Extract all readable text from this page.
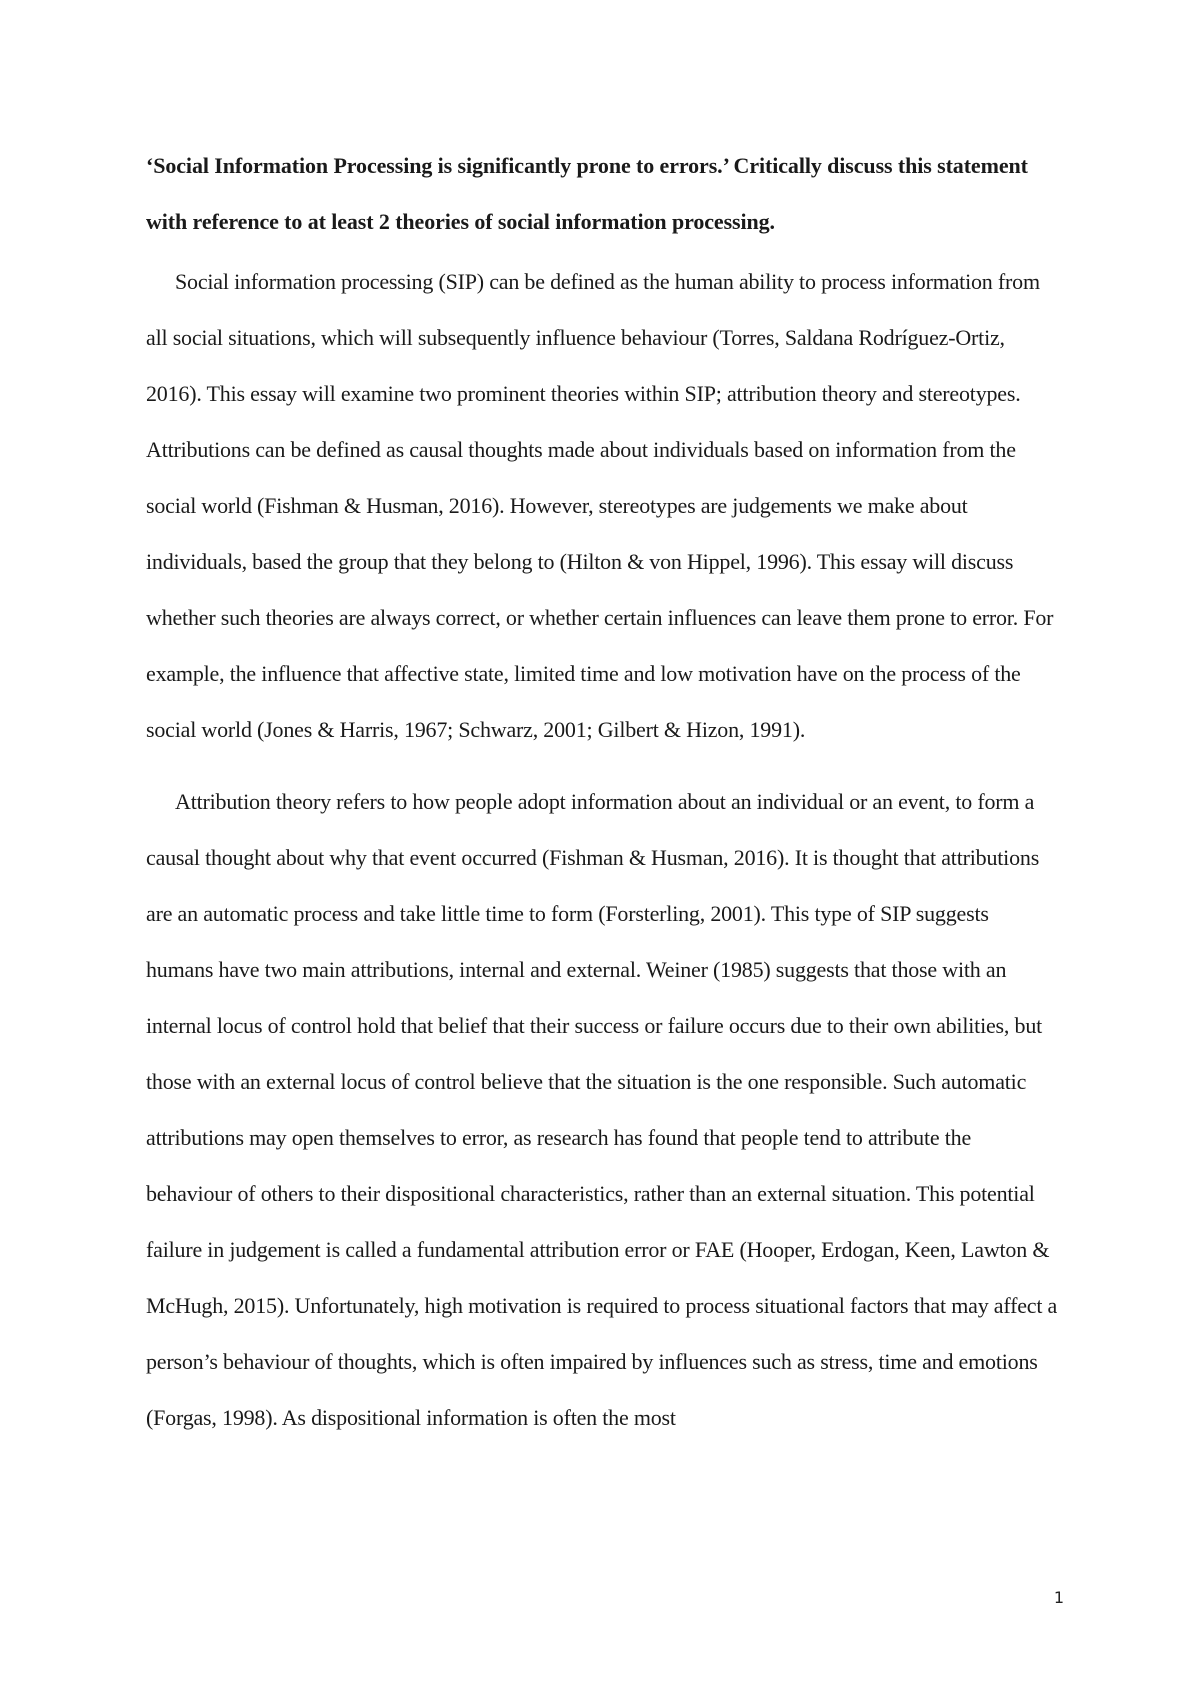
‘Social Information Processing is significantly prone to errors.’ Critically discuss this statement with reference to at least 2 theories of social information processing.

Social information processing (SIP) can be defined as the human ability to process information from all social situations, which will subsequently influence behaviour (Torres, Saldana Rodríguez-Ortiz, 2016). This essay will examine two prominent theories within SIP; attribution theory and stereotypes. Attributions can be defined as causal thoughts made about individuals based on information from the social world (Fishman & Husman, 2016). However, stereotypes are judgements we make about individuals, based the group that they belong to (Hilton & von Hippel, 1996). This essay will discuss whether such theories are always correct, or whether certain influences can leave them prone to error. For example, the influence that affective state, limited time and low motivation have on the process of the social world (Jones & Harris, 1967; Schwarz, 2001; Gilbert & Hizon, 1991).

Attribution theory refers to how people adopt information about an individual or an event, to form a causal thought about why that event occurred (Fishman & Husman, 2016). It is thought that attributions are an automatic process and take little time to form (Forsterling, 2001). This type of SIP suggests humans have two main attributions, internal and external. Weiner (1985) suggests that those with an internal locus of control hold that belief that their success or failure occurs due to their own abilities, but those with an external locus of control believe that the situation is the one responsible. Such automatic attributions may open themselves to error, as research has found that people tend to attribute the behaviour of others to their dispositional characteristics, rather than an external situation. This potential failure in judgement is called a fundamental attribution error or FAE (Hooper, Erdogan, Keen, Lawton & McHugh, 2015). Unfortunately, high motivation is required to process situational factors that may affect a person’s behaviour of thoughts, which is often impaired by influences such as stress, time and emotions (Forgas, 1998). As dispositional information is often the most

1
